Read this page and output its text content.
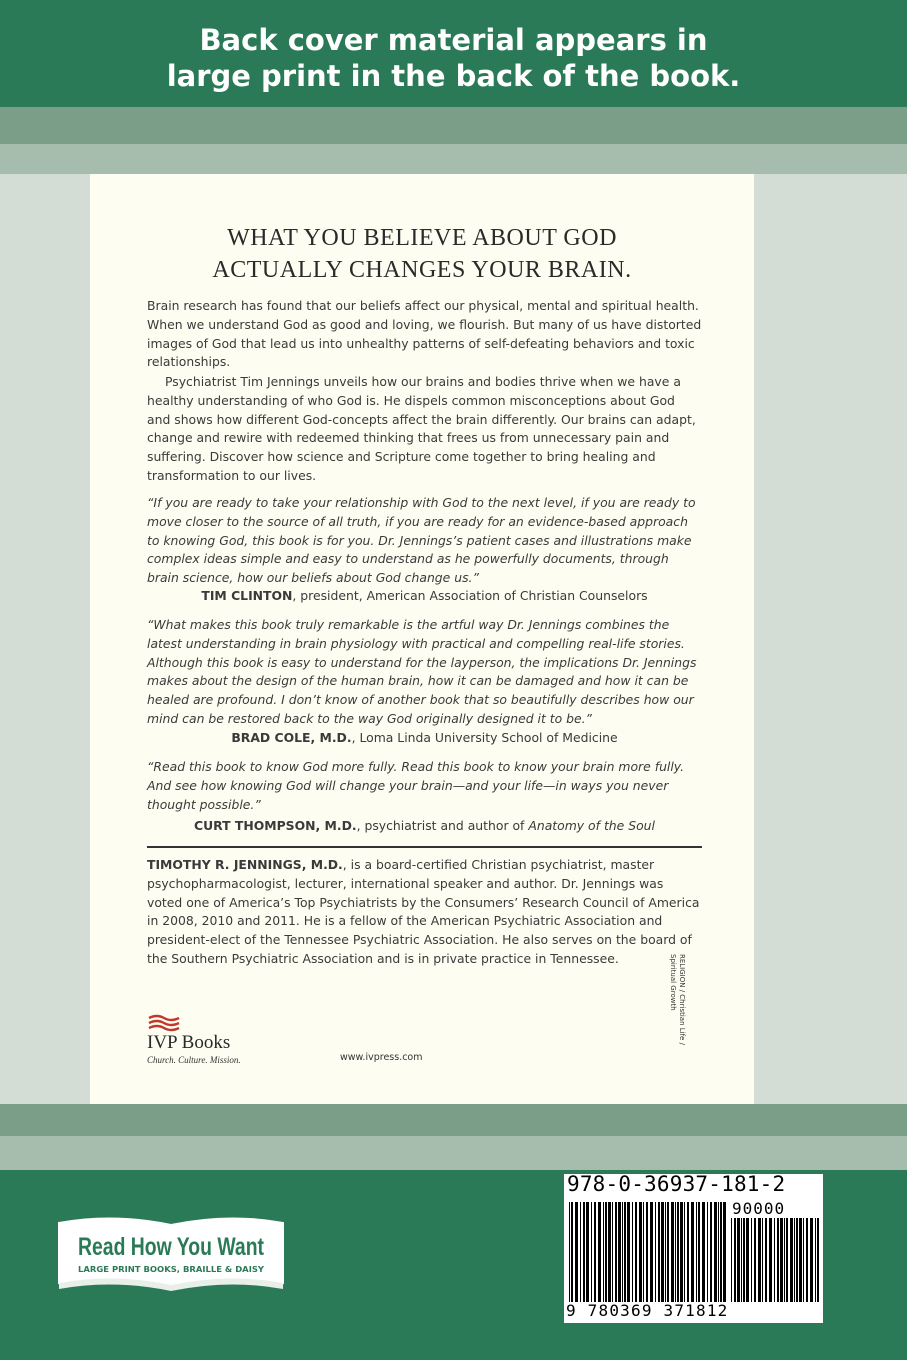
Back cover material appears in
large print in the back of the book.
WHAT YOU BELIEVE ABOUT GOD
ACTUALLY CHANGES YOUR BRAIN.

Brain research has found that our beliefs affect our physical, mental and spiritual health. When we understand God as good and loving, we flourish. But many of us have distorted images of God that lead us into unhealthy patterns of self-defeating behaviors and toxic relationships.

Psychiatrist Tim Jennings unveils how our brains and bodies thrive when we have a healthy understanding of who God is. He dispels common misconceptions about God and shows how different God-concepts affect the brain differently. Our brains can adapt, change and rewire with redeemed thinking that frees us from unnecessary pain and suffering. Discover how science and Scripture come together to bring healing and transformation to our lives.

“If you are ready to take your relationship with God to the next level, if you are ready to move closer to the source of all truth, if you are ready for an evidence-based approach to knowing God, this book is for you. Dr. Jennings’s patient cases and illustrations make complex ideas simple and easy to understand as he powerfully documents, through brain science, how our beliefs about God change us.”

TIM CLINTON, president, American Association of Christian Counselors

“What makes this book truly remarkable is the artful way Dr. Jennings combines the latest understanding in brain physiology with practical and compelling real-life stories. Although this book is easy to understand for the layperson, the implications Dr. Jennings makes about the design of the human brain, how it can be damaged and how it can be healed are profound. I don’t know of another book that so beautifully describes how our mind can be restored back to the way God originally designed it to be.”

BRAD COLE, M.D., Loma Linda University School of Medicine

“Read this book to know God more fully. Read this book to know your brain more fully. And see how knowing God will change your brain—and your life—in ways you never thought possible.”

CURT THOMPSON, M.D., psychiatrist and author of Anatomy of the Soul

TIMOTHY R. JENNINGS, M.D., is a board-certified Christian psychiatrist, master psychopharmacologist, lecturer, international speaker and author. Dr. Jennings was voted one of America’s Top Psychiatrists by the Consumers’ Research Council of America in 2008, 2010 and 2011. He is a fellow of the American Psychiatric Association and president-elect of the Tennessee Psychiatric Association. He also serves on the board of the Southern Psychiatric Association and is in private practice in Tennessee.	RELIGION / Christian Life /
Spiritual Growth
IVP Books
Church. Culture. Mission.	www.ivpress.com
Read How You Want
LARGE PRINT BOOKS, BRAILLE & DAISY
978-0-36937-181-2
90000
9 780369 371812
